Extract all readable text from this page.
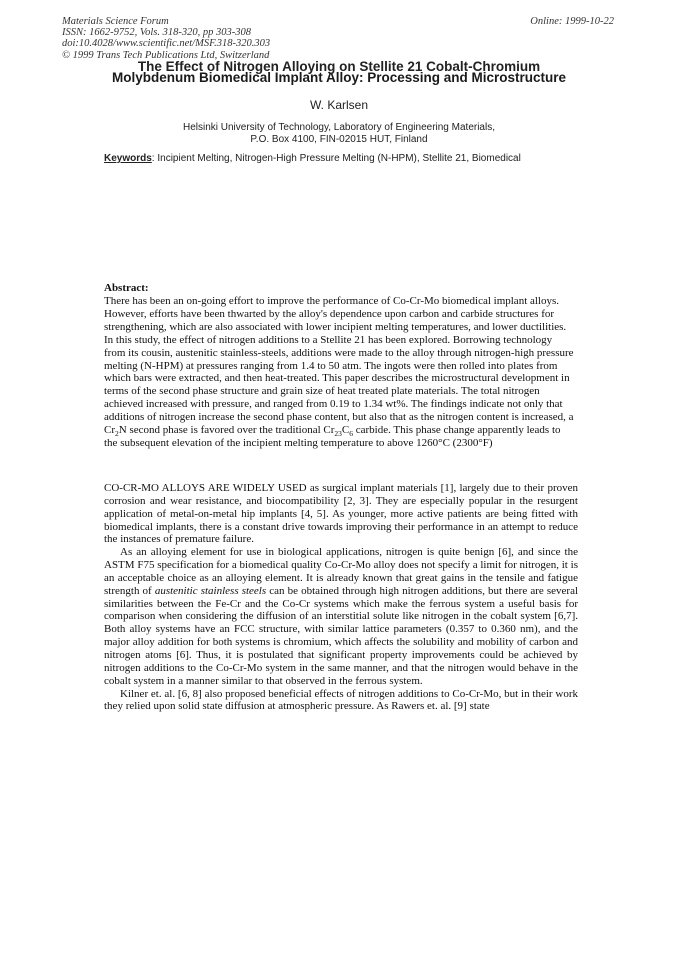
Materials Science Forum
ISSN: 1662-9752, Vols. 318-320, pp 303-308
doi:10.4028/www.scientific.net/MSF.318-320.303
© 1999 Trans Tech Publications Ltd, Switzerland
Online: 1999-10-22
The Effect of Nitrogen Alloying on Stellite 21 Cobalt-Chromium
Molybdenum Biomedical Implant Alloy: Processing and Microstructure
W. Karlsen
Helsinki University of Technology, Laboratory of Engineering Materials,
P.O. Box 4100, FIN-02015 HUT, Finland
Keywords: Incipient Melting, Nitrogen-High Pressure Melting (N-HPM), Stellite 21, Biomedical
Abstract:
There has been an on-going effort to improve the performance of Co-Cr-Mo biomedical implant alloys. However, efforts have been thwarted by the alloy's dependence upon carbon and carbide structures for strengthening, which are also associated with lower incipient melting temperatures, and lower ductilities. In this study, the effect of nitrogen additions to a Stellite 21 has been explored. Borrowing technology from its cousin, austenitic stainless-steels, additions were made to the alloy through nitrogen-high pressure melting (N-HPM) at pressures ranging from 1.4 to 50 atm. The ingots were then rolled into plates from which bars were extracted, and then heat-treated. This paper describes the microstructural development in terms of the second phase structure and grain size of heat treated plate materials. The total nitrogen achieved increased with pressure, and ranged from 0.19 to 1.34 wt%. The findings indicate not only that additions of nitrogen increase the second phase content, but also that as the nitrogen content is increased, a $Cr_2N$ second phase is favored over the traditional $Cr_{23}C_6$ carbide. This phase change apparently leads to the subsequent elevation of the incipient melting temperature to above 1260°C (2300°F)

CO-CR-MO ALLOYS ARE WIDELY USED as surgical implant materials [1], largely due to their proven corrosion and wear resistance, and biocompatibility [2, 3]. They are especially popular in the resurgent application of metal-on-metal hip implants [4, 5]. As younger, more active patients are being fitted with biomedical implants, there is a constant drive towards improving their performance in an attempt to reduce the instances of premature failure.

As an alloying element for use in biological applications, nitrogen is quite benign [6], and since the ASTM F75 specification for a biomedical quality Co-Cr-Mo alloy does not specify a limit for nitrogen, it is an acceptable choice as an alloying element. It is already known that great gains in the tensile and fatigue strength of austenitic stainless steels can be obtained through high nitrogen additions, but there are several similarities between the Fe-Cr and the Co-Cr systems which make the ferrous system a useful basis for comparison when considering the diffusion of an interstitial solute like nitrogen in the cobalt system [6,7]. Both alloy systems have an FCC structure, with similar lattice parameters (0.357 to 0.360 nm), and the major alloy addition for both systems is chromium, which affects the solubility and mobility of carbon and nitrogen atoms [6]. Thus, it is postulated that significant property improvements could be achieved by nitrogen additions to the Co-Cr-Mo system in the same manner, and that the nitrogen would behave in the cobalt system in a manner similar to that observed in the ferrous system.

Kilner et. al. [6, 8] also proposed beneficial effects of nitrogen additions to Co-Cr-Mo, but in their work they relied upon solid state diffusion at atmospheric pressure. As Rawers et. al. [9] state
